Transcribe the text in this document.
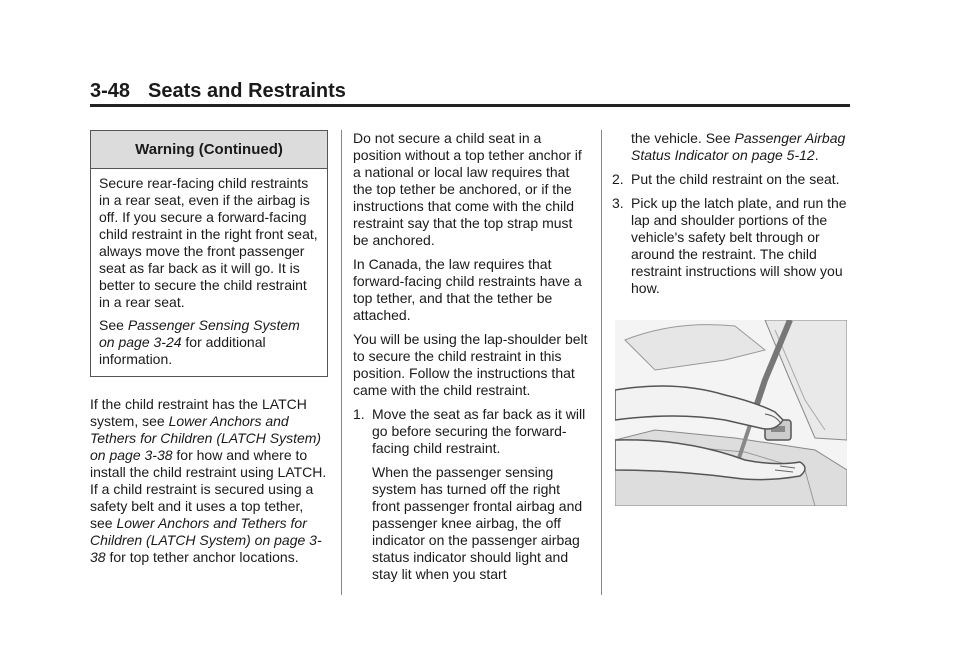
3-48 Seats and Restraints
Warning (Continued)

Secure rear-facing child restraints in a rear seat, even if the airbag is off. If you secure a forward-facing child restraint in the right front seat, always move the front passenger seat as far back as it will go. It is better to secure the child restraint in a rear seat.

See Passenger Sensing System on page 3-24 for additional information.

If the child restraint has the LATCH system, see Lower Anchors and Tethers for Children (LATCH System) on page 3-38 for how and where to install the child restraint using LATCH. If a child restraint is secured using a safety belt and it uses a top tether, see Lower Anchors and Tethers for Children (LATCH System) on page 3-38 for top tether anchor locations.

Do not secure a child seat in a position without a top tether anchor if a national or local law requires that the top tether be anchored, or if the instructions that come with the child restraint say that the top strap must be anchored.

In Canada, the law requires that forward-facing child restraints have a top tether, and that the tether be attached.

You will be using the lap-shoulder belt to secure the child restraint in this position. Follow the instructions that came with the child restraint.

1. Move the seat as far back as it will go before securing the forward-facing child restraint.

When the passenger sensing system has turned off the right front passenger frontal airbag and passenger knee airbag, the off indicator on the passenger airbag status indicator should light and stay lit when you start

the vehicle. See Passenger Airbag Status Indicator on page 5-12.

2. Put the child restraint on the seat.

3. Pick up the latch plate, and run the lap and shoulder portions of the vehicle's safety belt through or around the restraint. The child restraint instructions will show you how.
